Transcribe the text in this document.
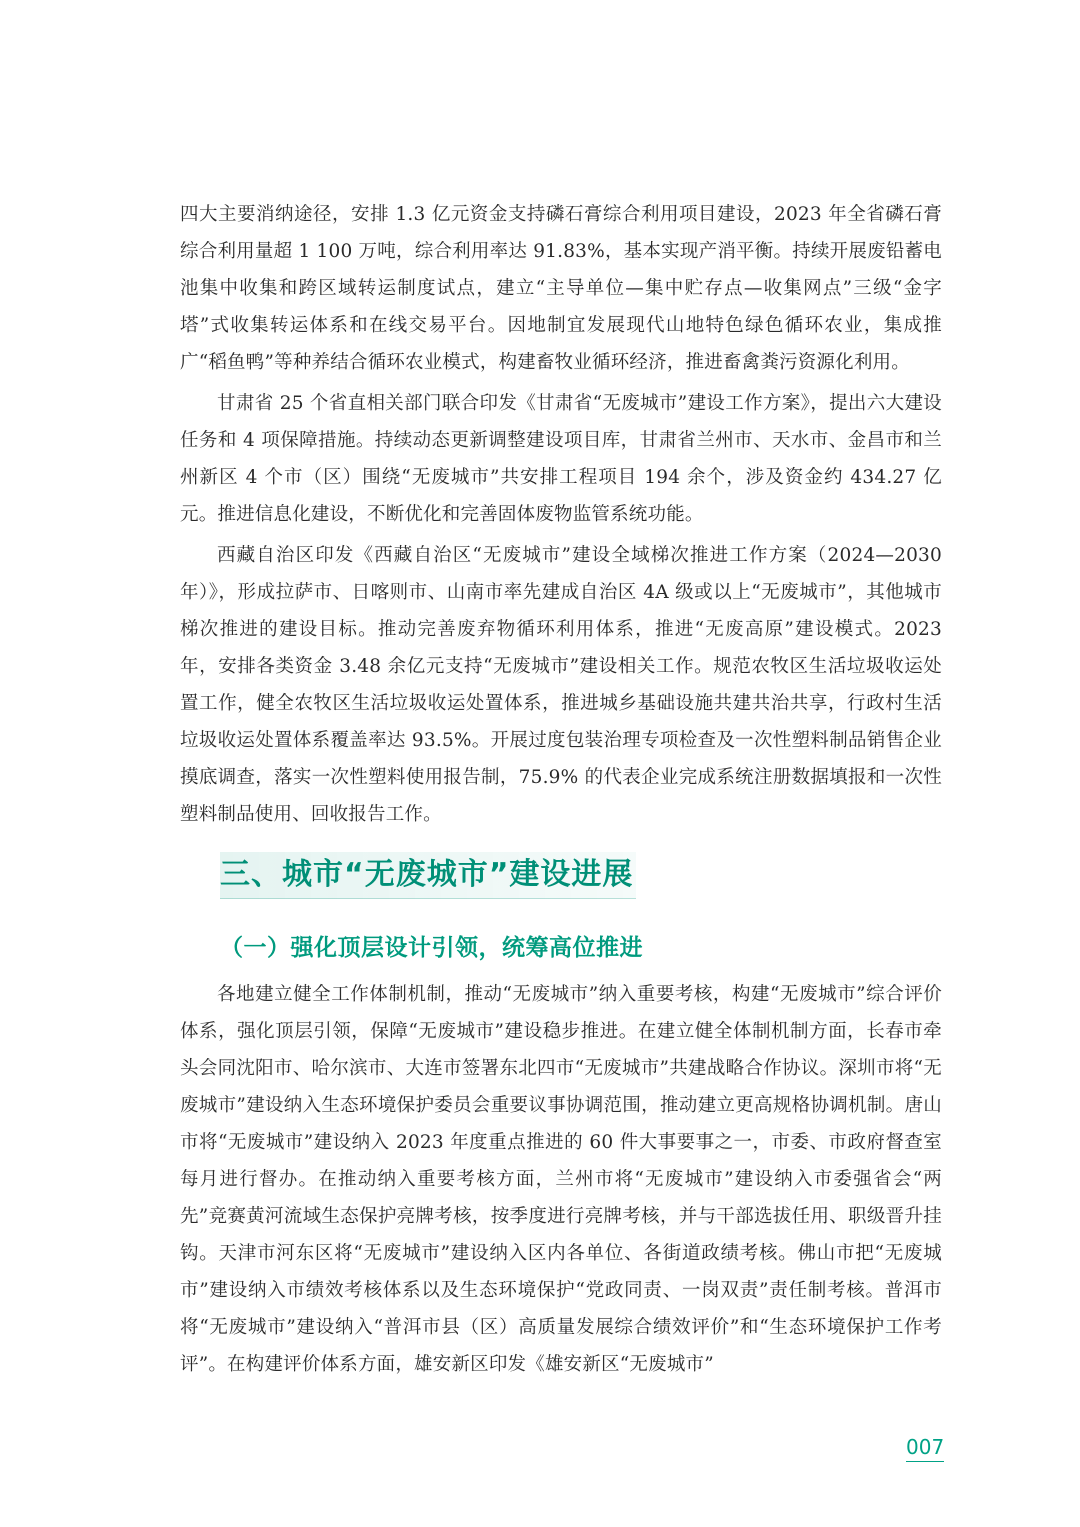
四大主要消纳途径，安排 1.3 亿元资金支持磷石膏综合利用项目建设，2023 年全省磷石膏综合利用量超 1 100 万吨，综合利用率达 91.83%，基本实现产消平衡。持续开展废铅蓄电池集中收集和跨区域转运制度试点，建立“主导单位—集中贮存点—收集网点”三级“金字塔”式收集转运体系和在线交易平台。因地制宜发展现代山地特色绿色循环农业，集成推广“稻鱼鸭”等种养结合循环农业模式，构建畜牧业循环经济，推进畜禽粪污资源化利用。

甘肃省 25 个省直相关部门联合印发《甘肃省“无废城市”建设工作方案》，提出六大建设任务和 4 项保障措施。持续动态更新调整建设项目库，甘肃省兰州市、天水市、金昌市和兰州新区 4 个市（区）围绕“无废城市”共安排工程项目 194 余个，涉及资金约 434.27 亿元。推进信息化建设，不断优化和完善固体废物监管系统功能。

西藏自治区印发《西藏自治区“无废城市”建设全域梯次推进工作方案（2024—2030 年）》，形成拉萨市、日喀则市、山南市率先建成自治区 4A 级或以上“无废城市”，其他城市梯次推进的建设目标。推动完善废弃物循环利用体系，推进“无废高原”建设模式。2023 年，安排各类资金 3.48 余亿元支持“无废城市”建设相关工作。规范农牧区生活垃圾收运处置工作，健全农牧区生活垃圾收运处置体系，推进城乡基础设施共建共治共享，行政村生活垃圾收运处置体系覆盖率达 93.5%。开展过度包装治理专项检查及一次性塑料制品销售企业摸底调查，落实一次性塑料使用报告制，75.9% 的代表企业完成系统注册数据填报和一次性塑料制品使用、回收报告工作。

三、城市“无废城市”建设进展
（一）强化顶层设计引领，统筹高位推进

各地建立健全工作体制机制，推动“无废城市”纳入重要考核，构建“无废城市”综合评价体系，强化顶层引领，保障“无废城市”建设稳步推进。在建立健全体制机制方面，长春市牵头会同沈阳市、哈尔滨市、大连市签署东北四市“无废城市”共建战略合作协议。深圳市将“无废城市”建设纳入生态环境保护委员会重要议事协调范围，推动建立更高规格协调机制。唐山市将“无废城市”建设纳入 2023 年度重点推进的 60 件大事要事之一，市委、市政府督查室每月进行督办。在推动纳入重要考核方面，兰州市将“无废城市”建设纳入市委强省会“两先”竞赛黄河流域生态保护亮牌考核，按季度进行亮牌考核，并与干部选拔任用、职级晋升挂钩。天津市河东区将“无废城市”建设纳入区内各单位、各街道政绩考核。佛山市把“无废城市”建设纳入市绩效考核体系以及生态环境保护“党政同责、一岗双责”责任制考核。普洱市将“无废城市”建设纳入“普洱市县（区）高质量发展综合绩效评价”和“生态环境保护工作考评”。在构建评价体系方面，雄安新区印发《雄安新区“无废城市”

007
